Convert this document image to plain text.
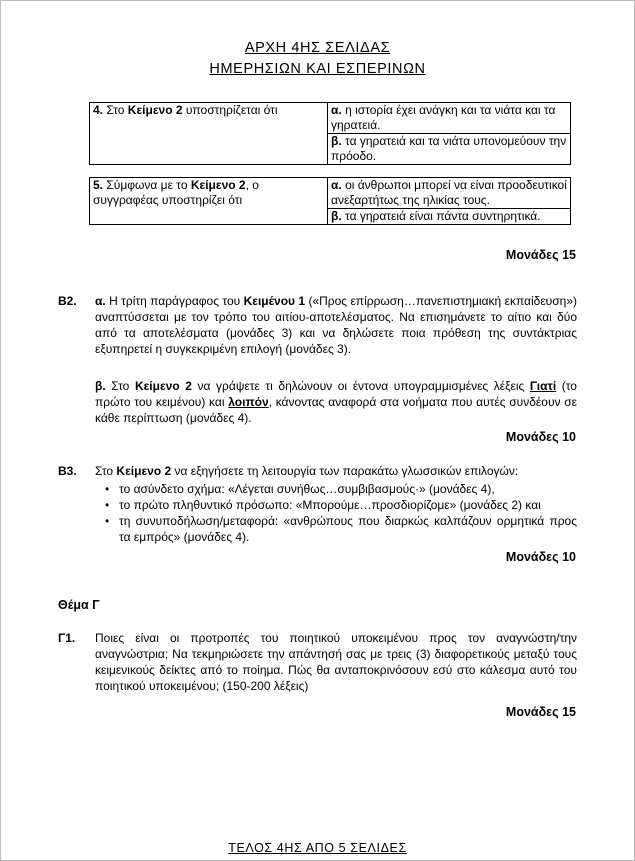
ΑΡΧΗ 4ΗΣ ΣΕΛΙΔΑΣ
ΗΜΕΡΗΣΙΩΝ ΚΑΙ ΕΣΠΕΡΙΝΩΝ
4. Στο Κείμενο 2 υποστηρίζεται ότι	α. η ιστορία έχει ανάγκη και τα νιάτα και τα γηρατειά.
β. τα γηρατειά και τα νιάτα υπονομεύουν την πρόοδο.
5. Σύμφωνα με το Κείμενο 2, ο συγγραφέας υποστηρίζει ότι	α. οι άνθρωποι μπορεί να είναι προοδευτικοί ανεξαρτήτως της ηλικίας τους.
β. τα γηρατειά είναι πάντα συντηρητικά.
Μονάδες 15
Β2. α. Η τρίτη παράγραφος του Κειμένου 1 («Προς επίρρωση…πανεπιστημιακή εκπαίδευση») αναπτύσσεται με τον τρόπο του αιτίου-αποτελέσματος. Να επισημάνετε το αίτιο και δύο από τα αποτελέσματα (μονάδες 3) και να δηλώσετε ποια πρόθεση της συντάκτριας εξυπηρετεί η συγκεκριμένη επιλογή (μονάδες 3).
β. Στο Κείμενο 2 να γράψετε τι δηλώνουν οι έντονα υπογραμμισμένες λέξεις Γιατί (το πρώτο του κειμένου) και λοιπόν, κάνοντας αναφορά στα νοήματα που αυτές συνδέουν σε κάθε περίπτωση (μονάδες 4).
Μονάδες 10
Β3. Στο Κείμενο 2 να εξηγήσετε τη λειτουργία των παρακάτω γλωσσικών επιλογών:
• το ασύνδετο σχήμα: «Λέγεται συνήθως…συμβιβασμούς·» (μονάδες 4),
• το πρώτο πληθυντικό πρόσωπο: «Μπορούμε…προσδιορίζομε» (μονάδες 2) και
• τη συνυποδήλωση/μεταφορά: «ανθρώπους που διαρκώς καλπάζουν ορμητικά προς τα εμπρός» (μονάδες 4).
Μονάδες 10
Θέμα Γ
Γ1. Ποιες είναι οι προτροπές του ποιητικού υποκειμένου προς τον αναγνώστη/την αναγνώστρια; Να τεκμηριώσετε την απάντησή σας με τρεις (3) διαφορετικούς μεταξύ τους κειμενικούς δείκτες από το ποίημα. Πώς θα ανταποκρινόσουν εσύ στο κάλεσμα αυτό του ποιητικού υποκειμένου; (150-200 λέξεις)
Μονάδες 15
ΤΕΛΟΣ 4ΗΣ ΑΠΟ 5 ΣΕΛΙΔΕΣ
